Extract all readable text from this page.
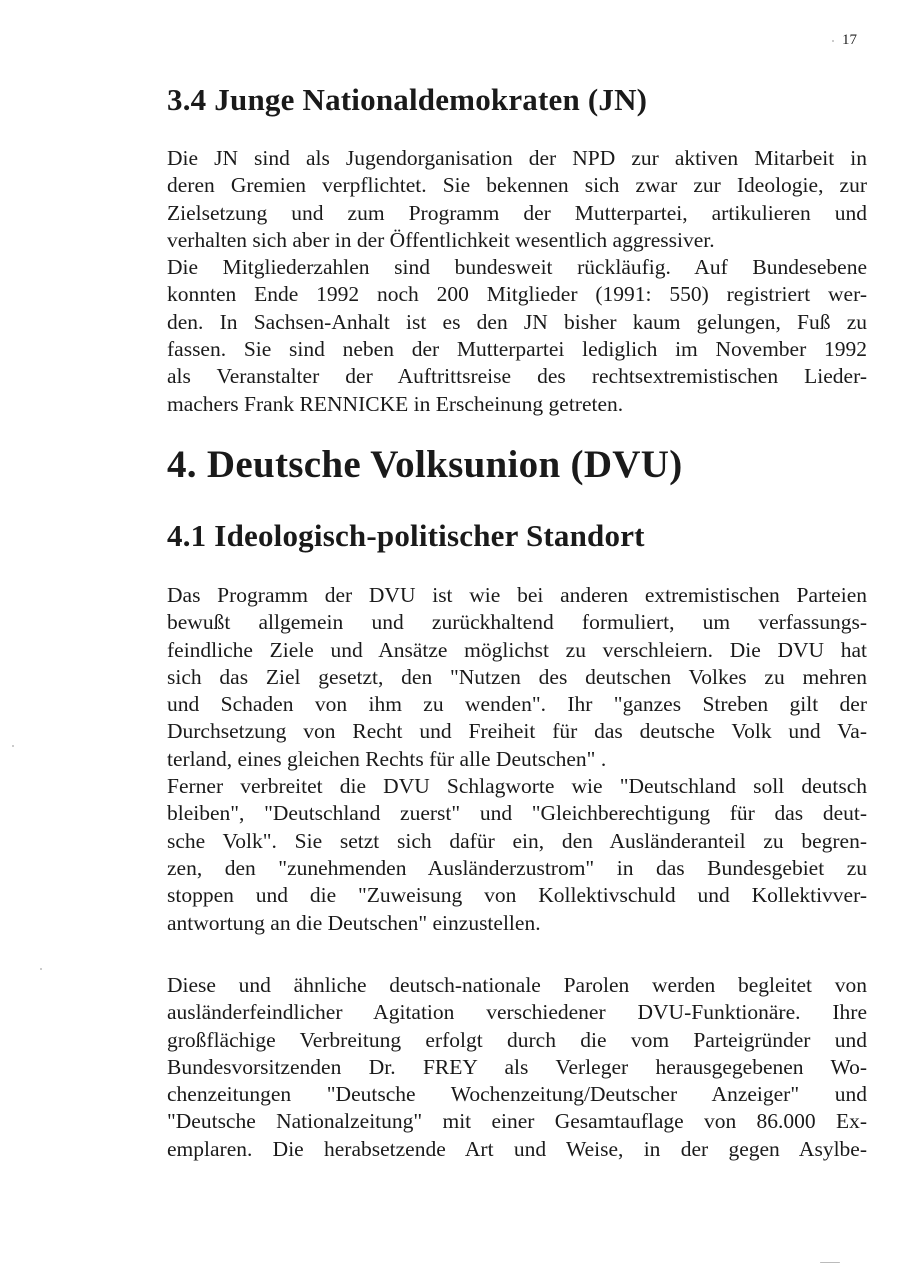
17
3.4 Junge Nationaldemokraten (JN)
Die JN sind als Jugendorganisation der NPD zur aktiven Mitarbeit in
deren Gremien verpflichtet. Sie bekennen sich zwar zur Ideologie, zur
Zielsetzung und zum Programm der Mutterpartei, artikulieren und
verhalten sich aber in der Öffentlichkeit wesentlich aggressiver.
Die Mitgliederzahlen sind bundesweit rückläufig. Auf Bundesebene
konnten Ende 1992 noch 200 Mitglieder (1991: 550) registriert wer-
den. In Sachsen-Anhalt ist es den JN bisher kaum gelungen, Fuß zu
fassen. Sie sind neben der Mutterpartei lediglich im November 1992
als Veranstalter der Auftrittsreise des rechtsextremistischen Lieder-
machers Frank RENNICKE in Erscheinung getreten.
4. Deutsche Volksunion (DVU)
4.1 Ideologisch-politischer Standort
Das Programm der DVU ist wie bei anderen extremistischen Parteien
bewußt allgemein und zurückhaltend formuliert, um verfassungs-
feindliche Ziele und Ansätze möglichst zu verschleiern. Die DVU hat
sich das Ziel gesetzt, den "Nutzen des deutschen Volkes zu mehren
und Schaden von ihm zu wenden". Ihr "ganzes Streben gilt der
Durchsetzung von Recht und Freiheit für das deutsche Volk und Va-
terland, eines gleichen Rechts für alle Deutschen" .
Ferner verbreitet die DVU Schlagworte wie "Deutschland soll deutsch
bleiben", "Deutschland zuerst" und "Gleichberechtigung für das deut-
sche Volk". Sie setzt sich dafür ein, den Ausländeranteil zu begren-
zen, den "zunehmenden Ausländerzustrom" in das Bundesgebiet zu
stoppen und die "Zuweisung von Kollektivschuld und Kollektivver-
antwortung an die Deutschen" einzustellen.
Diese und ähnliche deutsch-nationale Parolen werden begleitet von
ausländerfeindlicher Agitation verschiedener DVU-Funktionäre. Ihre
großflächige Verbreitung erfolgt durch die vom Parteigründer und
Bundesvorsitzenden Dr. FREY als Verleger herausgegebenen Wo-
chenzeitungen "Deutsche Wochenzeitung/Deutscher Anzeiger" und
"Deutsche Nationalzeitung" mit einer Gesamtauflage von 86.000 Ex-
emplaren. Die herabsetzende Art und Weise, in der gegen Asylbe-
